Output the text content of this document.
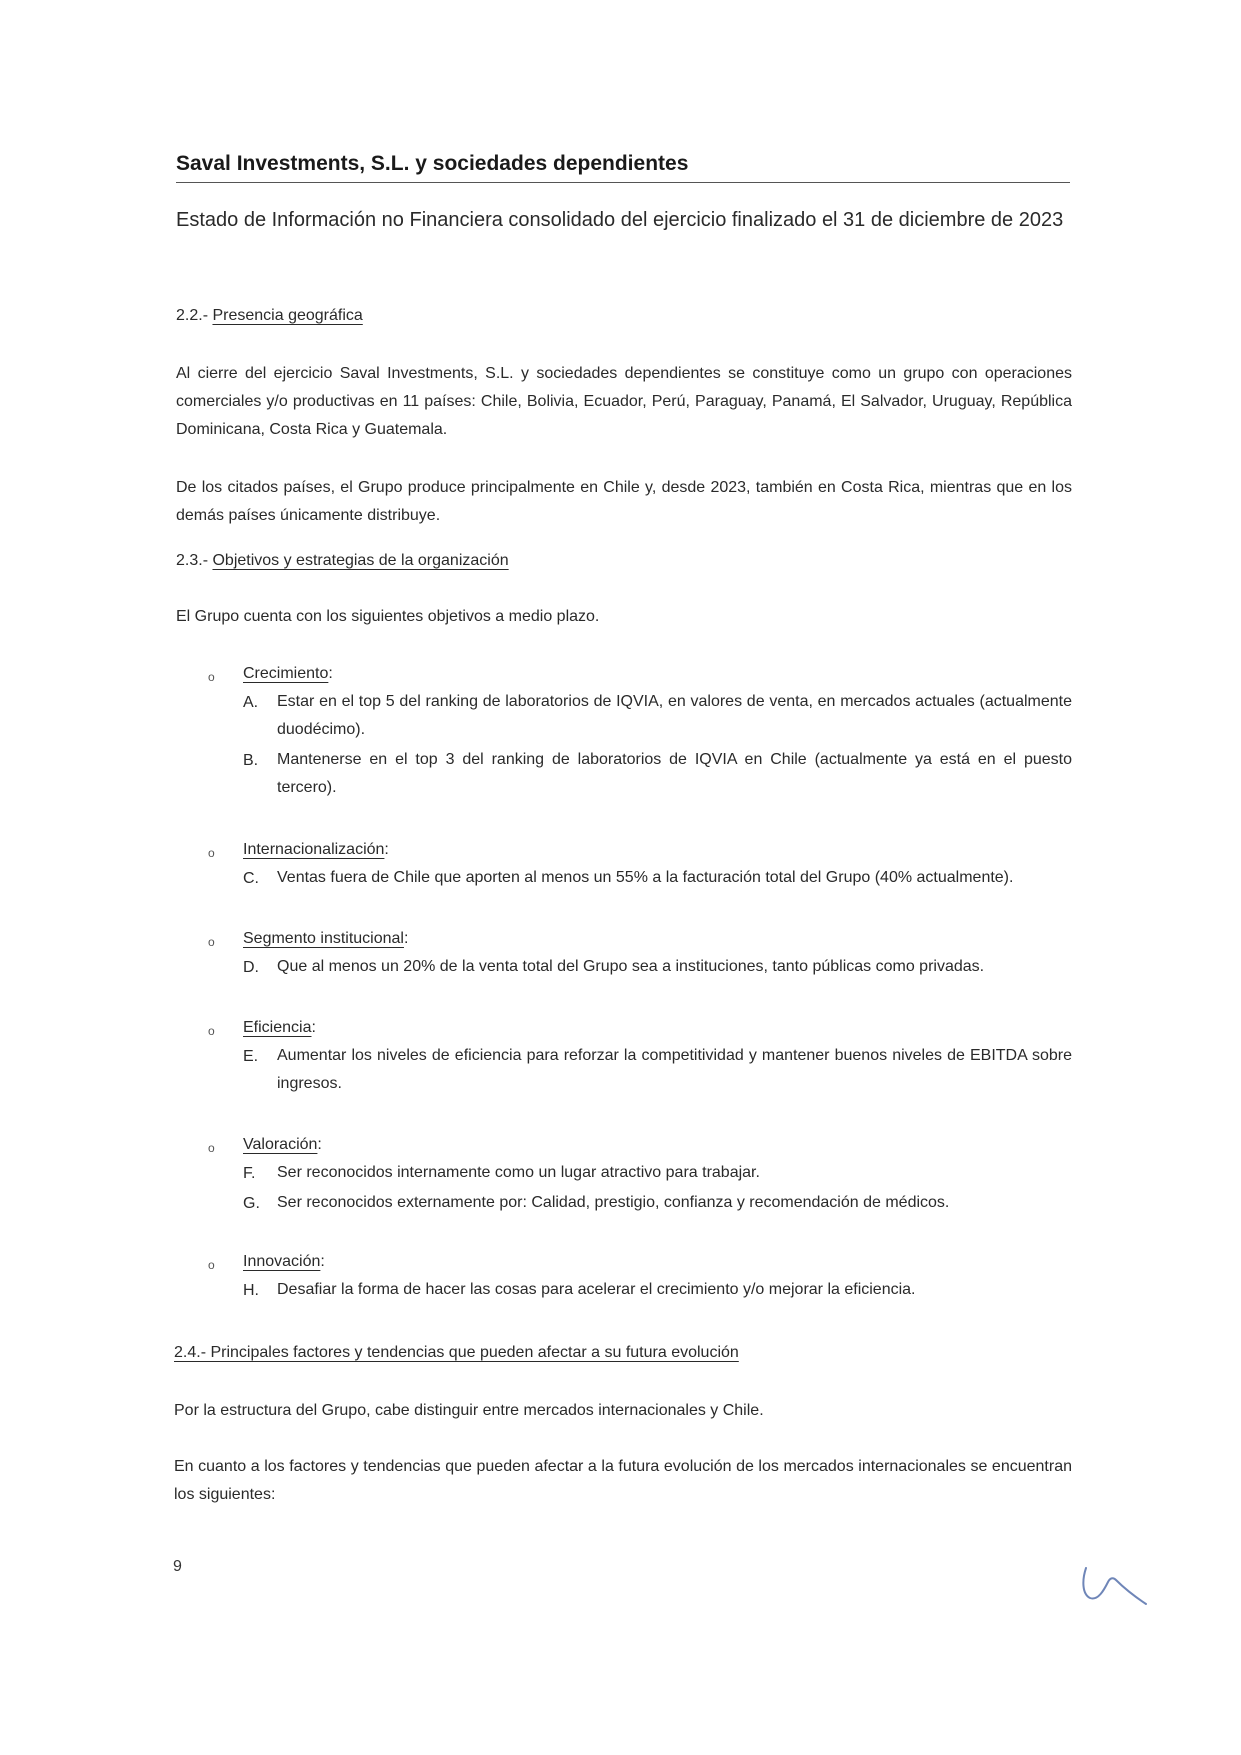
Saval Investments, S.L. y sociedades dependientes
Estado de Información no Financiera consolidado del ejercicio finalizado el 31 de diciembre de 2023
2.2.- Presencia geográfica
Al cierre del ejercicio Saval Investments, S.L. y sociedades dependientes se constituye como un grupo con operaciones comerciales y/o productivas en 11 países: Chile, Bolivia, Ecuador, Perú, Paraguay, Panamá, El Salvador, Uruguay, República Dominicana, Costa Rica y Guatemala.
De los citados países, el Grupo produce principalmente en Chile y, desde 2023, también en Costa Rica, mientras que en los demás países únicamente distribuye.
2.3.- Objetivos y estrategias de la organización
El Grupo cuenta con los siguientes objetivos a medio plazo.
o Crecimiento:
A. Estar en el top 5 del ranking de laboratorios de IQVIA, en valores de venta, en mercados actuales (actualmente duodécimo).
B. Mantenerse en el top 3 del ranking de laboratorios de IQVIA en Chile (actualmente ya está en el puesto tercero).
o Internacionalización:
C. Ventas fuera de Chile que aporten al menos un 55% a la facturación total del Grupo (40% actualmente).
o Segmento institucional:
D. Que al menos un 20% de la venta total del Grupo sea a instituciones, tanto públicas como privadas.
o Eficiencia:
E. Aumentar los niveles de eficiencia para reforzar la competitividad y mantener buenos niveles de EBITDA sobre ingresos.
o Valoración:
F. Ser reconocidos internamente como un lugar atractivo para trabajar.
G. Ser reconocidos externamente por: Calidad, prestigio, confianza y recomendación de médicos.
o Innovación:
H. Desafiar la forma de hacer las cosas para acelerar el crecimiento y/o mejorar la eficiencia.
2.4.- Principales factores y tendencias que pueden afectar a su futura evolución
Por la estructura del Grupo, cabe distinguir entre mercados internacionales y Chile.
En cuanto a los factores y tendencias que pueden afectar a la futura evolución de los mercados internacionales se encuentran los siguientes:
9
